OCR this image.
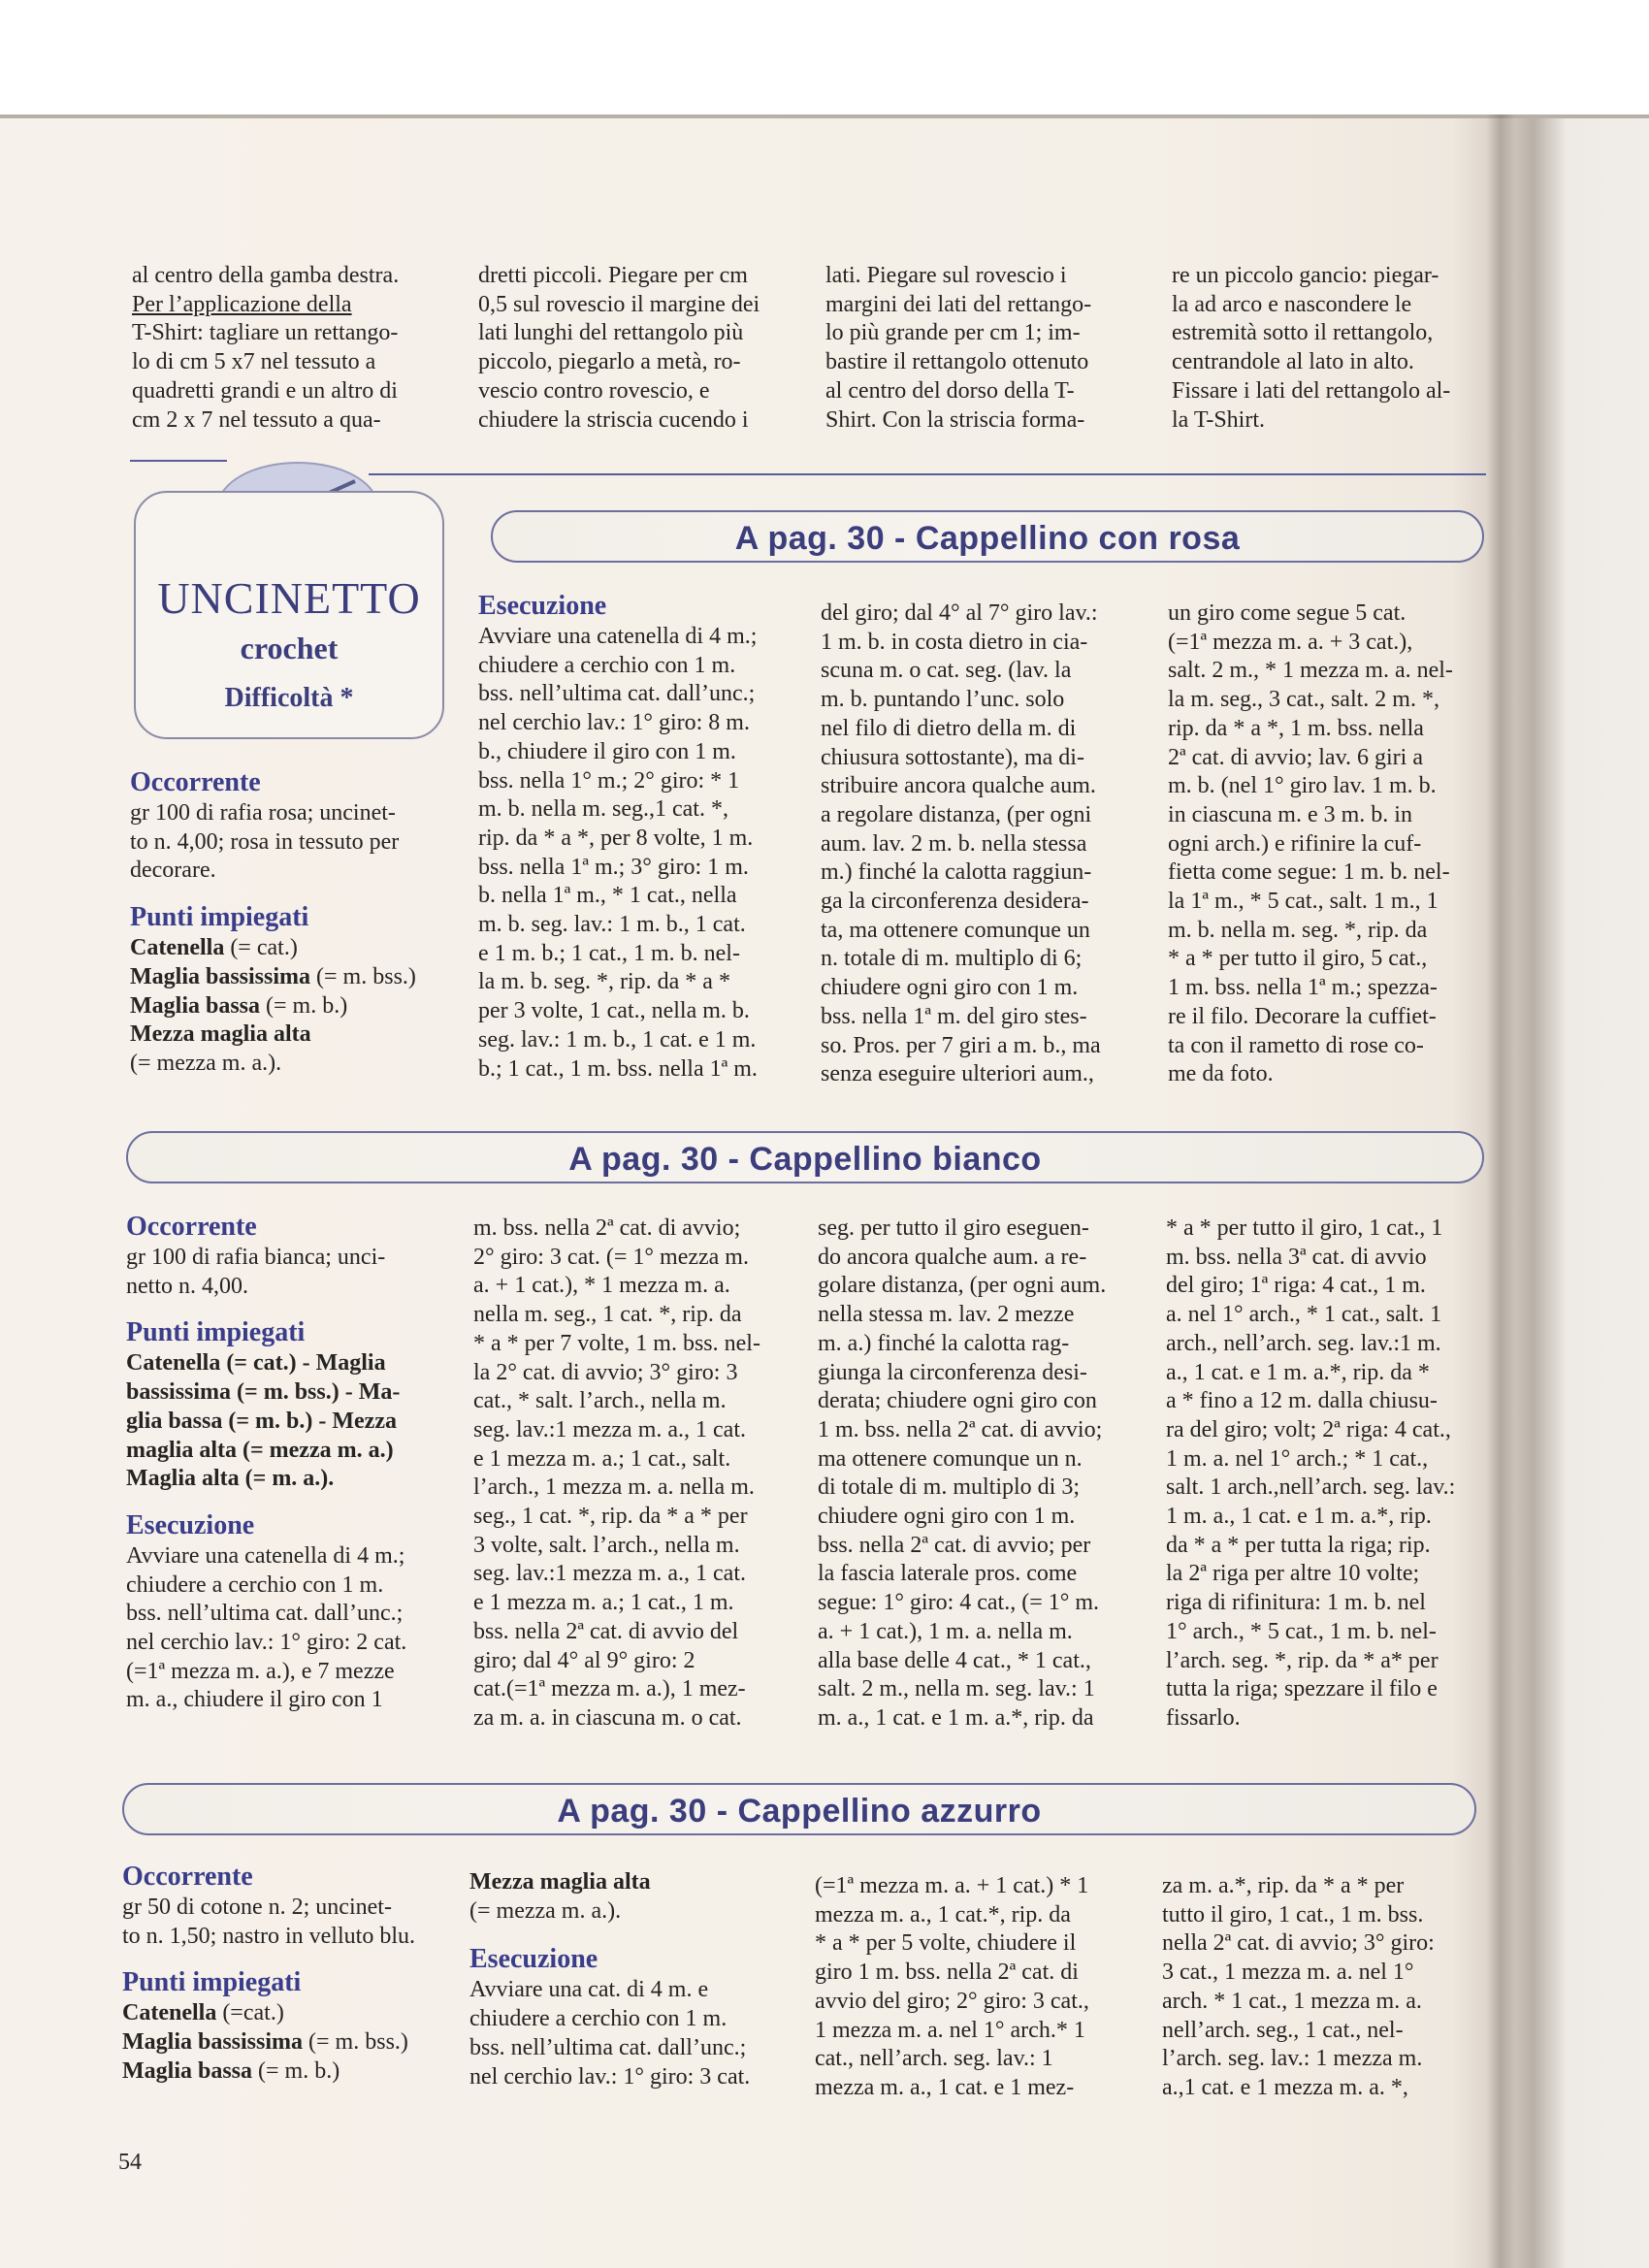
al centro della gamba destra.

Per l’applicazione della

T-Shirt: tagliare un rettango-

lo di cm 5 x7 nel tessuto a

quadretti grandi e un altro di

cm 2 x 7 nel tessuto a qua-

dretti piccoli. Piegare per cm

0,5 sul rovescio il margine dei

lati lunghi del rettangolo più

piccolo, piegarlo a metà, ro-

vescio contro rovescio, e

chiudere la striscia cucendo i

lati. Piegare sul rovescio i

margini dei lati del rettango-

lo più grande per cm 1; im-

bastire il rettangolo ottenuto

al centro del dorso della T-

Shirt. Con la striscia forma-

re un piccolo gancio: piegar-

la ad arco e nascondere le

estremità sotto il rettangolo,

centrandole al lato in alto.

Fissare i lati del rettangolo al-

la T-Shirt.

UNCINETTO
crochet
Difficoltà *
A pag. 30 - Cappellino con rosa

Occorrente

gr 100 di rafia rosa; uncinet-

to n. 4,00; rosa in tessuto per

decorare.

Punti impiegati

Catenella (= cat.)

Maglia bassissima (= m. bss.)

Maglia bassa (= m. b.)

Mezza maglia alta

(= mezza m. a.).

Esecuzione

Avviare una catenella di 4 m.;

chiudere a cerchio con 1 m.

bss. nell’ultima cat. dall’unc.;

nel cerchio lav.: 1° giro: 8 m.

b., chiudere il giro con 1 m.

bss. nella 1° m.; 2° giro: * 1

m. b. nella m. seg.,1 cat. *,

rip. da * a *, per 8 volte, 1 m.

bss. nella 1ª m.; 3° giro: 1 m.

b. nella 1ª m., * 1 cat., nella

m. b. seg. lav.: 1 m. b., 1 cat.

e 1 m. b.; 1 cat., 1 m. b. nel-

la m. b. seg. *, rip. da * a *

per 3 volte, 1 cat., nella m. b.

seg. lav.: 1 m. b., 1 cat. e 1 m.

b.; 1 cat., 1 m. bss. nella 1ª m.

del giro; dal 4° al 7° giro lav.:

1 m. b. in costa dietro in cia-

scuna m. o cat. seg. (lav. la

m. b. puntando l’unc. solo

nel filo di dietro della m. di

chiusura sottostante), ma di-

stribuire ancora qualche aum.

a regolare distanza, (per ogni

aum. lav. 2 m. b. nella stessa

m.) finché la calotta raggiun-

ga la circonferenza desidera-

ta, ma ottenere comunque un

n. totale di m. multiplo di 6;

chiudere ogni giro con 1 m.

bss. nella 1ª m. del giro stes-

so. Pros. per 7 giri a m. b., ma

senza eseguire ulteriori aum.,

un giro come segue 5 cat.

(=1ª mezza m. a. + 3 cat.),

salt. 2 m., * 1 mezza m. a. nel-

la m. seg., 3 cat., salt. 2 m. *,

rip. da * a *, 1 m. bss. nella

2ª cat. di avvio; lav. 6 giri a

m. b. (nel 1° giro lav. 1 m. b.

in ciascuna m. e 3 m. b. in

ogni arch.) e rifinire la cuf-

fietta come segue: 1 m. b. nel-

la 1ª m., * 5 cat., salt. 1 m., 1

m. b. nella m. seg. *, rip. da

* a * per tutto il giro, 5 cat.,

1 m. bss. nella 1ª m.; spezza-

re il filo. Decorare la cuffiet-

ta con il rametto di rose co-

me da foto.

A pag. 30 - Cappellino bianco

Occorrente

gr 100 di rafia bianca; unci-

netto n. 4,00.

Punti impiegati

Catenella (= cat.) - Maglia

bassissima (= m. bss.) - Ma-

glia bassa (= m. b.) - Mezza

maglia alta (= mezza m. a.)

Maglia alta (= m. a.).

Esecuzione

Avviare una catenella di 4 m.;

chiudere a cerchio con 1 m.

bss. nell’ultima cat. dall’unc.;

nel cerchio lav.: 1° giro: 2 cat.

(=1ª mezza m. a.), e 7 mezze

m. a., chiudere il giro con 1

m. bss. nella 2ª cat. di avvio;

2° giro: 3 cat. (= 1° mezza m.

a. + 1 cat.), * 1 mezza m. a.

nella m. seg., 1 cat. *, rip. da

* a * per 7 volte, 1 m. bss. nel-

la 2° cat. di avvio; 3° giro: 3

cat., * salt. l’arch., nella m.

seg. lav.:1 mezza m. a., 1 cat.

e 1 mezza m. a.; 1 cat., salt.

l’arch., 1 mezza m. a. nella m.

seg., 1 cat. *, rip. da * a * per

3 volte, salt. l’arch., nella m.

seg. lav.:1 mezza m. a., 1 cat.

e 1 mezza m. a.; 1 cat., 1 m.

bss. nella 2ª cat. di avvio del

giro; dal 4° al 9° giro: 2

cat.(=1ª mezza m. a.), 1 mez-

za m. a. in ciascuna m. o cat.

seg. per tutto il giro eseguen-

do ancora qualche aum. a re-

golare distanza, (per ogni aum.

nella stessa m. lav. 2 mezze

m. a.) finché la calotta rag-

giunga la circonferenza desi-

derata; chiudere ogni giro con

1 m. bss. nella 2ª cat. di avvio;

ma ottenere comunque un n.

di totale di m. multiplo di 3;

chiudere ogni giro con 1 m.

bss. nella 2ª cat. di avvio; per

la fascia laterale pros. come

segue: 1° giro: 4 cat., (= 1° m.

a. + 1 cat.), 1 m. a. nella m.

alla base delle 4 cat., * 1 cat.,

salt. 2 m., nella m. seg. lav.: 1

m. a., 1 cat. e 1 m. a.*, rip. da

* a * per tutto il giro, 1 cat., 1

m. bss. nella 3ª cat. di avvio

del giro; 1ª riga: 4 cat., 1 m.

a. nel 1° arch., * 1 cat., salt. 1

arch., nell’arch. seg. lav.:1 m.

a., 1 cat. e 1 m. a.*, rip. da *

a * fino a 12 m. dalla chiusu-

ra del giro; volt; 2ª riga: 4 cat.,

1 m. a. nel 1° arch.; * 1 cat.,

salt. 1 arch.,nell’arch. seg. lav.:

1 m. a., 1 cat. e 1 m. a.*, rip.

da * a * per tutta la riga; rip.

la 2ª riga per altre 10 volte;

riga di rifinitura: 1 m. b. nel

1° arch., * 5 cat., 1 m. b. nel-

l’arch. seg. *, rip. da * a* per

tutta la riga; spezzare il filo e

fissarlo.

A pag. 30 - Cappellino azzurro

Occorrente

gr 50 di cotone n. 2; uncinet-

to n. 1,50; nastro in velluto blu.

Punti impiegati

Catenella (=cat.)

Maglia bassissima (= m. bss.)

Maglia bassa (= m. b.)

Mezza maglia alta

(= mezza m. a.).

Esecuzione

Avviare una cat. di 4 m. e

chiudere a cerchio con 1 m.

bss. nell’ultima cat. dall’unc.;

nel cerchio lav.: 1° giro: 3 cat.

(=1ª mezza m. a. + 1 cat.) * 1

mezza m. a., 1 cat.*, rip. da

* a * per 5 volte, chiudere il

giro 1 m. bss. nella 2ª cat. di

avvio del giro; 2° giro: 3 cat.,

1 mezza m. a. nel 1° arch.* 1

cat., nell’arch. seg. lav.: 1

mezza m. a., 1 cat. e 1 mez-

za m. a.*, rip. da * a * per

tutto il giro, 1 cat., 1 m. bss.

nella 2ª cat. di avvio; 3° giro:

3 cat., 1 mezza m. a. nel 1°

arch. * 1 cat., 1 mezza m. a.

nell’arch. seg., 1 cat., nel-

l’arch. seg. lav.: 1 mezza m.

a.,1 cat. e 1 mezza m. a. *,

54
